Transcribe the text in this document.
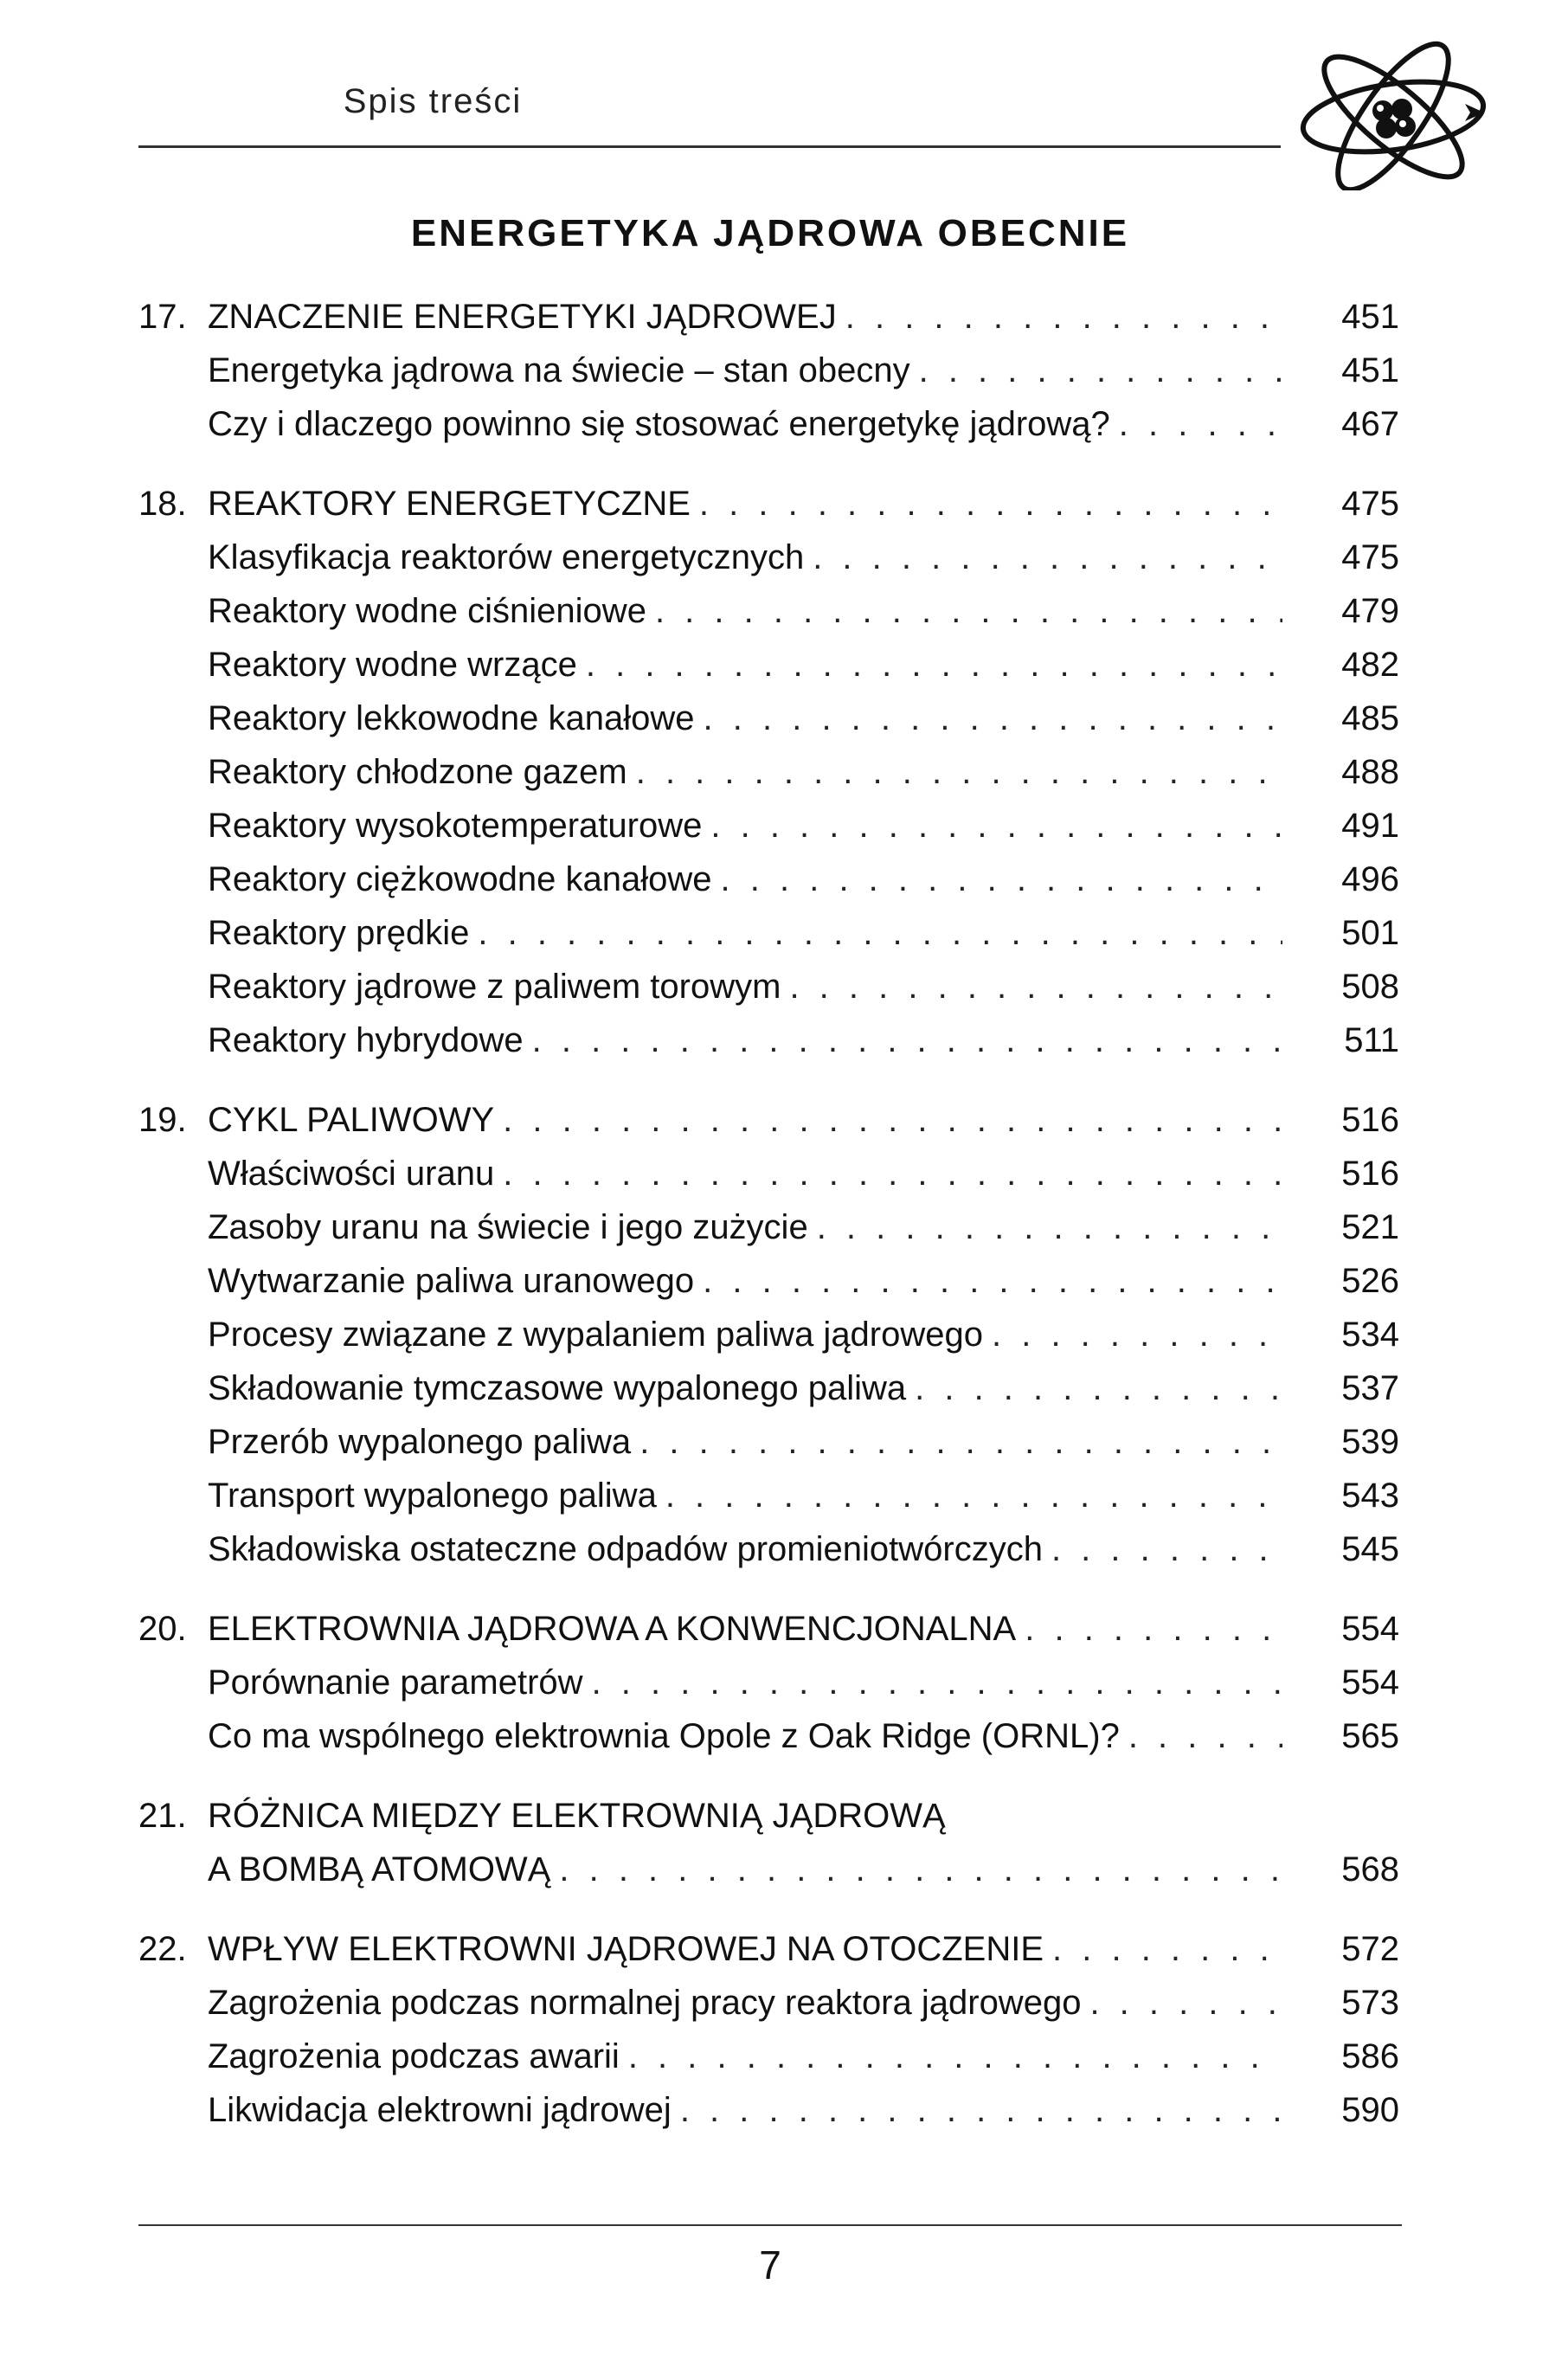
Spis treści
ENERGETYKA JĄDROWA OBECNIE
17. ZNACZENIE ENERGETYKI JĄDROWEJ . . .	451
Energetyka jądrowa na świecie – stan obecny . . .	451
Czy i dlaczego powinno się stosować energetykę jądrową? . . .	467
18. REAKTORY ENERGETYCZNE . . .	475
Klasyfikacja reaktorów energetycznych . . .	475
Reaktory wodne ciśnieniowe . . .	479
Reaktory wodne wrzące . . .	482
Reaktory lekkowodne kanałowe . . .	485
Reaktory chłodzone gazem . . .	488
Reaktory wysokotemperaturowe . . .	491
Reaktory ciężkowodne kanałowe . . .	496
Reaktory prędkie . . .	501
Reaktory jądrowe z paliwem torowym . . .	508
Reaktory hybrydowe . . .	511
19. CYKL PALIWOWY . . .	516
Właściwości uranu . . .	516
Zasoby uranu na świecie i jego zużycie . . .	521
Wytwarzanie paliwa uranowego . . .	526
Procesy związane z wypalaniem paliwa jądrowego . . .	534
Składowanie tymczasowe wypalonego paliwa . . .	537
Przerób wypalonego paliwa . . .	539
Transport wypalonego paliwa . . .	543
Składowiska ostateczne odpadów promieniotwórczych . . .	545
20. ELEKTROWNIA JĄDROWA A KONWENCJONALNA . . .	554
Porównanie parametrów . . .	554
Co ma wspólnego elektrownia Opole z Oak Ridge (ORNL)? . . .	565
21. RÓŻNICA MIĘDZY ELEKTROWNIĄ JĄDROWĄ
A BOMBĄ ATOMOWĄ . . .	568
22. WPŁYW ELEKTROWNI JĄDROWEJ NA OTOCZENIE . . .	572
Zagrożenia podczas normalnej pracy reaktora jądrowego . . .	573
Zagrożenia podczas awarii . . .	586
Likwidacja elektrowni jądrowej . . .	590
7
